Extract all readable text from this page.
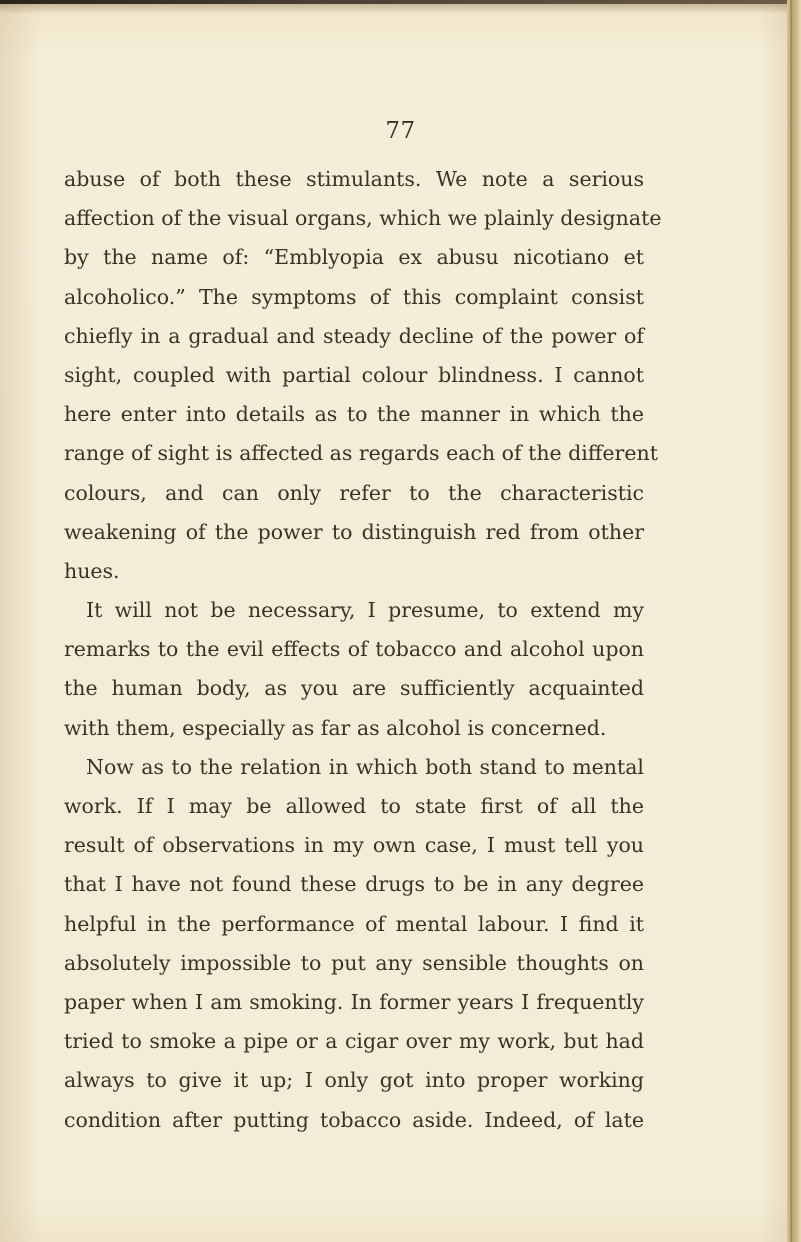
77
abuse of both these stimulants. We note a serious
affection of the visual organs, which we plainly designate
by the name of: “Emblyopia ex abusu nicotiano et
alcoholico.” The symptoms of this complaint consist
chiefly in a gradual and steady decline of the power of
sight, coupled with partial colour blindness. I cannot
here enter into details as to the manner in which the
range of sight is affected as regards each of the different
colours, and can only refer to the characteristic
weakening of the power to distinguish red from other
hues.
It will not be necessary, I presume, to extend my
remarks to the evil effects of tobacco and alcohol upon
the human body, as you are sufficiently acquainted
with them, especially as far as alcohol is concerned.
Now as to the relation in which both stand to mental
work. If I may be allowed to state first of all the
result of observations in my own case, I must tell you
that I have not found these drugs to be in any degree
helpful in the performance of mental labour. I find it
absolutely impossible to put any sensible thoughts on
paper when I am smoking. In former years I frequently
tried to smoke a pipe or a cigar over my work, but had
always to give it up; I only got into proper working
condition after putting tobacco aside. Indeed, of late
